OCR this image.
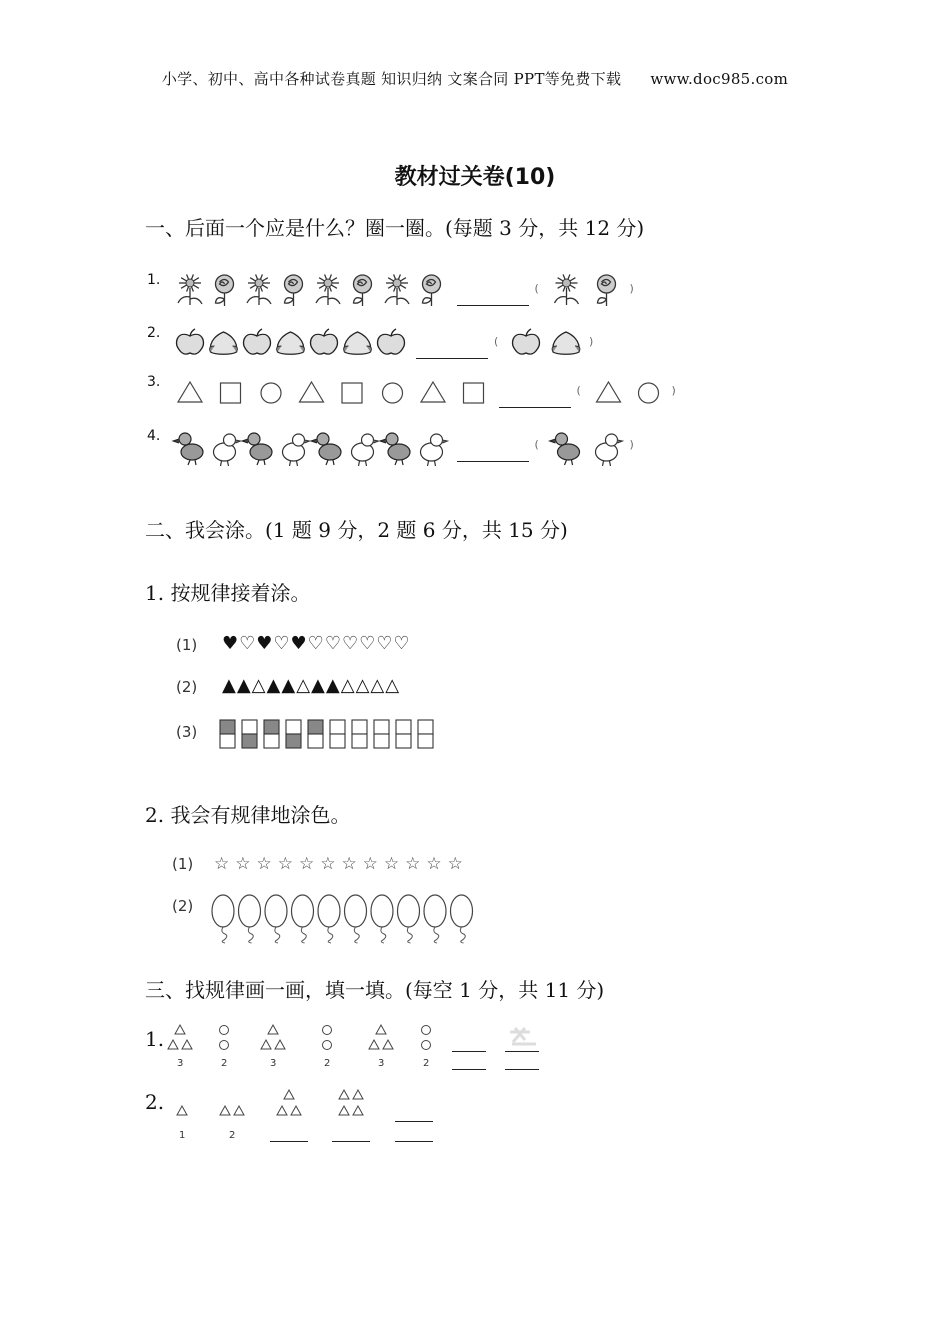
小学、初中、高中各种试卷真题 知识归纳 文案合同 PPT等免费下载 www.doc985.com
教材过关卷(10)
一、后面一个应是什么？圈一圈。(每题 3 分，共 12 分)
1.
(	)
2.
(	)
3.
(	)
4.
(	)
二、我会涂。(1 题 9 分，2 题 6 分，共 15 分)
1. 按规律接着涂。
(1) ♥♡♥♡♥♡♡♡♡♡♡
(2) ▲▲△▲▲△▲▲△△△△
(3)
2. 我会有规律地涂色。
(1) ☆☆☆☆☆☆☆☆☆☆☆☆
(2)
三、找规律画一画，填一填。(每空 1 分，共 11 分)
1.
3	2	3	2	3	2
2.
1	2
